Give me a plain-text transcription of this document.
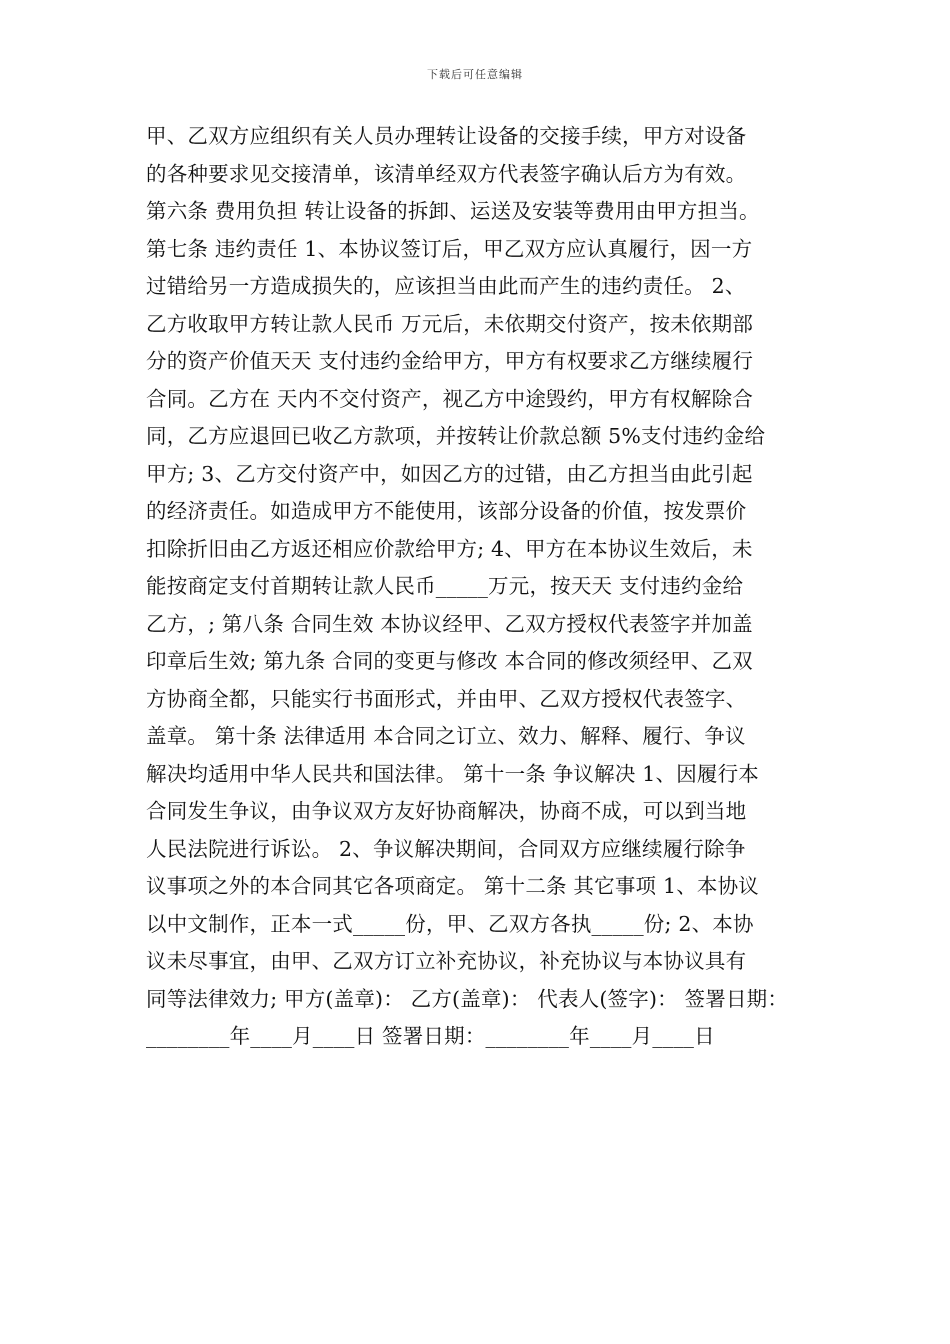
下载后可任意编辑
甲、乙双方应组织有关人员办理转让设备的交接手续，甲方对设备
的各种要求见交接清单，该清单经双方代表签字确认后方为有效。
第六条 费用负担 转让设备的拆卸、运送及安装等费用由甲方担当。
第七条 违约责任 1、本协议签订后，甲乙双方应认真履行，因一方
过错给另一方造成损失的，应该担当由此而产生的违约责任。 2、
乙方收取甲方转让款人民币 万元后，未依期交付资产，按未依期部
分的资产价值天天 支付违约金给甲方，甲方有权要求乙方继续履行
合同。乙方在 天内不交付资产，视乙方中途毁约，甲方有权解除合
同，乙方应退回已收乙方款项，并按转让价款总额 5%支付违约金给
甲方; 3、乙方交付资产中，如因乙方的过错，由乙方担当由此引起
的经济责任。如造成甲方不能使用，该部分设备的价值，按发票价
扣除折旧由乙方返还相应价款给甲方; 4、甲方在本协议生效后，未
能按商定支付首期转让款人民币_____万元，按天天 支付违约金给
乙方，; 第八条 合同生效 本协议经甲、乙双方授权代表签字并加盖
印章后生效; 第九条 合同的变更与修改 本合同的修改须经甲、乙双
方协商全都，只能实行书面形式，并由甲、乙双方授权代表签字、
盖章。 第十条 法律适用 本合同之订立、效力、解释、履行、争议
解决均适用中华人民共和国法律。 第十一条 争议解决 1、因履行本
合同发生争议，由争议双方友好协商解决，协商不成，可以到当地
人民法院进行诉讼。 2、争议解决期间，合同双方应继续履行除争
议事项之外的本合同其它各项商定。 第十二条 其它事项 1、本协议
以中文制作，正本一式_____份，甲、乙双方各执_____份; 2、本协
议未尽事宜，由甲、乙双方订立补充协议，补充协议与本协议具有
同等法律效力; 甲方(盖章)： 乙方(盖章)： 代表人(签字)： 签署日期：
________年____月____日 签署日期：________年____月____日
